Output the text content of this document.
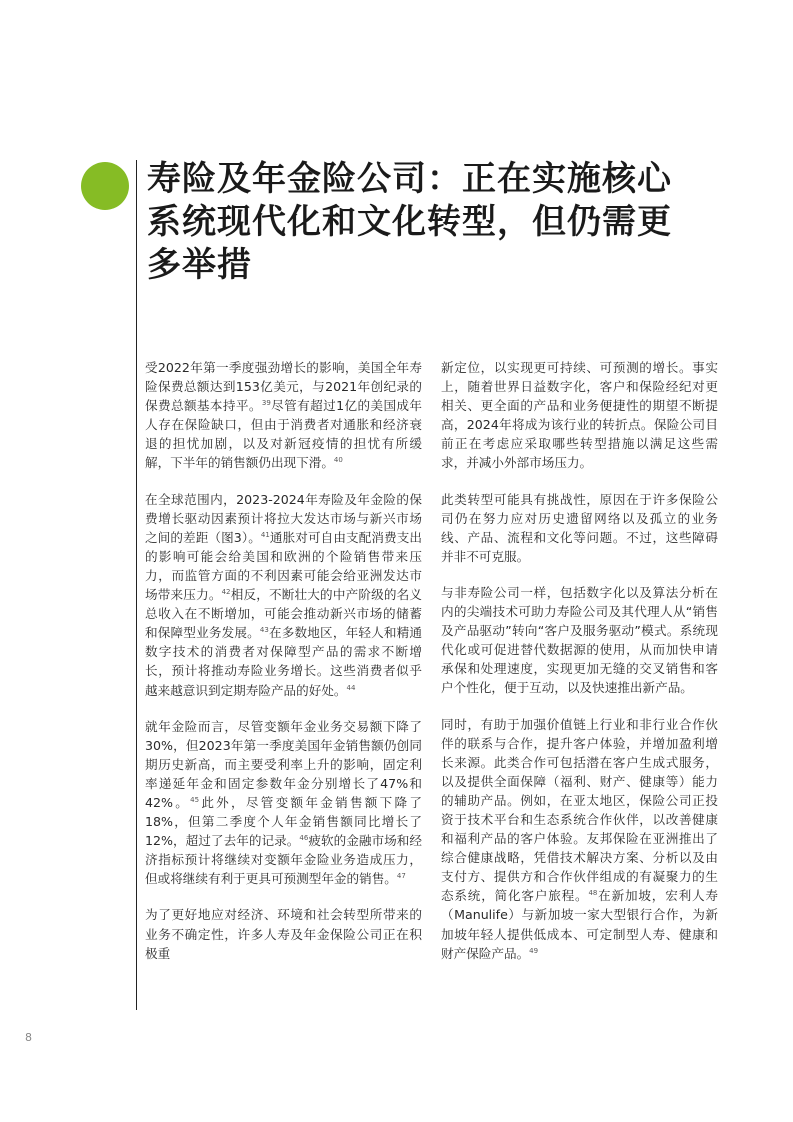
寿险及年金险公司：正在实施核心系统现代化和文化转型，但仍需更多举措

受2022年第一季度强劲增长的影响，美国全年寿险保费总额达到153亿美元，与2021年创纪录的保费总额基本持平。$^{39}$尽管有超过1亿的美国成年人存在保险缺口，但由于消费者对通胀和经济衰退的担忧加剧，以及对新冠疫情的担忧有所缓解，下半年的销售额仍出现下滑。$^{40}$

在全球范围内，2023-2024年寿险及年金险的保费增长驱动因素预计将拉大发达市场与新兴市场之间的差距（图3）。$^{41}$通胀对可自由支配消费支出的影响可能会给美国和欧洲的个险销售带来压力，而监管方面的不利因素可能会给亚洲发达市场带来压力。$^{42}$相反，不断壮大的中产阶级的名义总收入在不断增加，可能会推动新兴市场的储蓄和保障型业务发展。$^{43}$在多数地区，年轻人和精通数字技术的消费者对保障型产品的需求不断增长，预计将推动寿险业务增长。这些消费者似乎越来越意识到定期寿险产品的好处。$^{44}$

就年金险而言，尽管变额年金业务交易额下降了30%，但2023年第一季度美国年金销售额仍创同期历史新高，而主要受利率上升的影响，固定利率递延年金和固定参数年金分别增长了47%和42%。$^{45}$此外，尽管变额年金销售额下降了18%，但第二季度个人年金销售额同比增长了12%，超过了去年的记录。$^{46}$疲软的金融市场和经济指标预计将继续对变额年金险业务造成压力，但或将继续有利于更具可预测型年金的销售。$^{47}$

为了更好地应对经济、环境和社会转型所带来的业务不确定性，许多人寿及年金保险公司正在积极重

新定位，以实现更可持续、可预测的增长。事实上，随着世界日益数字化，客户和保险经纪对更相关、更全面的产品和业务便捷性的期望不断提高，2024年将成为该行业的转折点。保险公司目前正在考虑应采取哪些转型措施以满足这些需求，并减小外部市场压力。

此类转型可能具有挑战性，原因在于许多保险公司仍在努力应对历史遗留网络以及孤立的业务线、产品、流程和文化等问题。不过，这些障碍并非不可克服。

与非寿险公司一样，包括数字化以及算法分析在内的尖端技术可助力寿险公司及其代理人从“销售及产品驱动”转向“客户及服务驱动”模式。系统现代化或可促进替代数据源的使用，从而加快申请承保和处理速度，实现更加无缝的交叉销售和客户个性化，便于互动，以及快速推出新产品。

同时，有助于加强价值链上行业和非行业合作伙伴的联系与合作，提升客户体验，并增加盈利增长来源。此类合作可包括潜在客户生成式服务，以及提供全面保障（福利、财产、健康等）能力的辅助产品。例如，在亚太地区，保险公司正投资于技术平台和生态系统合作伙伴，以改善健康和福利产品的客户体验。友邦保险在亚洲推出了综合健康战略，凭借技术解决方案、分析以及由支付方、提供方和合作伙伴组成的有凝聚力的生态系统，简化客户旅程。$^{48}$在新加坡，宏利人寿（Manulife）与新加坡一家大型银行合作，为新加坡年轻人提供低成本、可定制型人寿、健康和财产保险产品。$^{49}$

8
